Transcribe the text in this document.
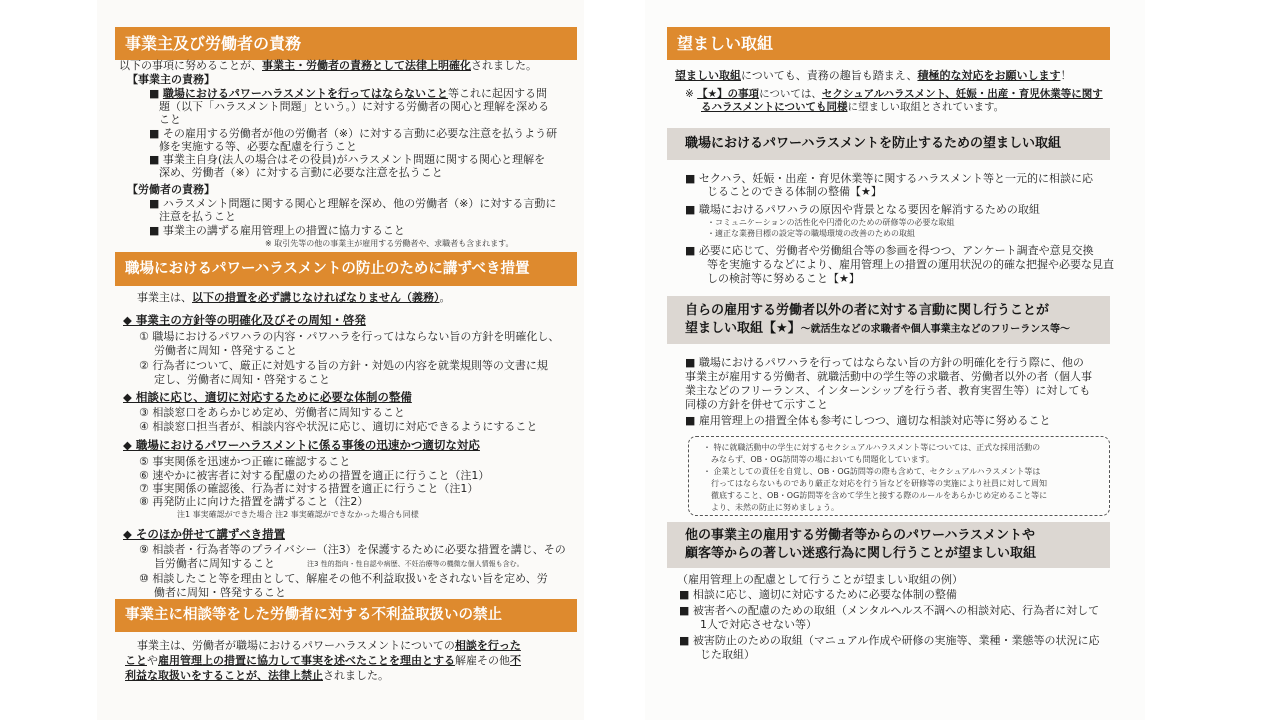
事業主及び労働者の責務
以下の事項に努めることが、事業主・労働者の責務として法律上明確化されました。
【事業主の責務】
■ 職場におけるパワーハラスメントを行ってはならないこと等これに起因する問
題（以下「ハラスメント問題」という。）に対する労働者の関心と理解を深める
こと
■ その雇用する労働者が他の労働者（※）に対する言動に必要な注意を払うよう研
修を実施する等、必要な配慮を行うこと
■ 事業主自身(法人の場合はその役員)がハラスメント問題に関する関心と理解を
深め、労働者（※）に対する言動に必要な注意を払うこと
【労働者の責務】
■ ハラスメント問題に関する関心と理解を深め、他の労働者（※）に対する言動に
注意を払うこと
■ 事業主の講ずる雇用管理上の措置に協力すること
※ 取引先等の他の事業主が雇用する労働者や、求職者も含まれます。
職場におけるパワーハラスメントの防止のために講ずべき措置
事業主は、以下の措置を必ず講じなければなりません（義務）。
◆ 事業主の方針等の明確化及びその周知・啓発
① 職場におけるパワハラの内容・パワハラを行ってはならない旨の方針を明確化し、
労働者に周知・啓発すること
② 行為者について、厳正に対処する旨の方針・対処の内容を就業規則等の文書に規
定し、労働者に周知・啓発すること
◆ 相談に応じ、適切に対応するために必要な体制の整備
③ 相談窓口をあらかじめ定め、労働者に周知すること
④ 相談窓口担当者が、相談内容や状況に応じ、適切に対応できるようにすること
◆ 職場におけるパワーハラスメントに係る事後の迅速かつ適切な対応
⑤ 事実関係を迅速かつ正確に確認すること
⑥ 速やかに被害者に対する配慮のための措置を適正に行うこと（注1）
⑦ 事実関係の確認後、行為者に対する措置を適正に行うこと（注1）
⑧ 再発防止に向けた措置を講ずること（注2）
注1 事実確認ができた場合 注2 事実確認ができなかった場合も同様
◆ そのほか併せて講ずべき措置
⑨ 相談者・行為者等のプライバシー（注3）を保護するために必要な措置を講じ、その
旨労働者に周知すること	注3 性的指向・性自認や病歴、不妊治療等の機微な個人情報も含む。
⑩ 相談したこと等を理由として、解雇その他不利益取扱いをされない旨を定め、労
働者に周知・啓発すること
事業主に相談等をした労働者に対する不利益取扱いの禁止
事業主は、労働者が職場におけるパワーハラスメントについての相談を行った
ことや雇用管理上の措置に協力して事実を述べたことを理由とする解雇その他不
利益な取扱いをすることが、法律上禁止されました。
望ましい取組
望ましい取組についても、責務の趣旨も踏まえ、積極的な対応をお願いします！
※ 【★】の事項については、セクシュアルハラスメント、妊娠・出産・育児休業等に関す
るハラスメントについても同様に望ましい取組とされています。
職場におけるパワーハラスメントを防止するための望ましい取組
■ セクハラ、妊娠・出産・育児休業等に関するハラスメント等と一元的に相談に応
じることのできる体制の整備【★】
■ 職場におけるパワハラの原因や背景となる要因を解消するための取組
・コミュニケーションの活性化や円滑化のための研修等の必要な取組
・適正な業務目標の設定等の職場環境の改善のための取組
■ 必要に応じて、労働者や労働組合等の参画を得つつ、アンケート調査や意見交換
等を実施するなどにより、雇用管理上の措置の運用状況の的確な把握や必要な見直
しの検討等に努めること【★】
自らの雇用する労働者以外の者に対する言動に関し行うことが
望ましい取組【★】～就活生などの求職者や個人事業主などのフリーランス等～
■ 職場におけるパワハラを行ってはならない旨の方針の明確化を行う際に、他の
事業主が雇用する労働者、就職活動中の学生等の求職者、労働者以外の者（個人事
業主などのフリーランス、インターンシップを行う者、教育実習生等）に対しても
同様の方針を併せて示すこと
■ 雇用管理上の措置全体も参考にしつつ、適切な相談対応等に努めること
・ 特に就職活動中の学生に対するセクシュアルハラスメント等については、正式な採用活動の
みならず、OB・OG訪問等の場においても問題化しています。
・ 企業としての責任を自覚し、OB・OG訪問等の際も含めて、セクシュアルハラスメント等は
行ってはならないものであり厳正な対応を行う旨などを研修等の実施により社員に対して周知
徹底すること、OB・OG訪問等を含めて学生と接する際のルールをあらかじめ定めること等に
より、未然の防止に努めましょう。
他の事業主の雇用する労働者等からのパワーハラスメントや
顧客等からの著しい迷惑行為に関し行うことが望ましい取組
（雇用管理上の配慮として行うことが望ましい取組の例）
■ 相談に応じ、適切に対応するために必要な体制の整備
■ 被害者への配慮のための取組（メンタルヘルス不調への相談対応、行為者に対して
1人で対応させない等）
■ 被害防止のための取組（マニュアル作成や研修の実施等、業種・業態等の状況に応
じた取組）
